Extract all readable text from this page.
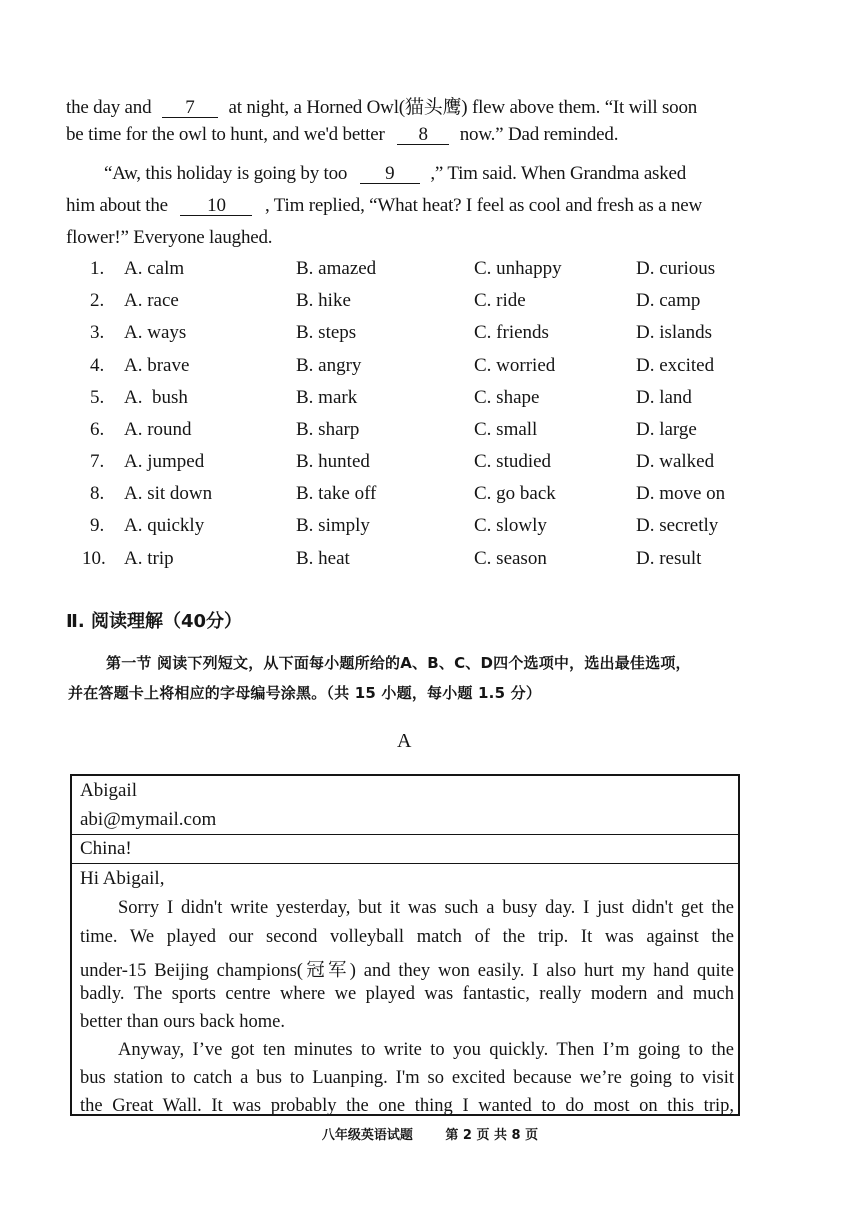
the day and 7 at night, a Horned Owl(猫头鹰) flew above them. “It will soon
be time for the owl to hunt, and we'd better 8 now.” Dad reminded.
“Aw, this holiday is going by too 9 ,” Tim said. When Grandma asked
him about the 10 , Tim replied, “What heat? I feel as cool and fresh as a new
flower!” Everyone laughed.
1. A. calm	B. amazed	C. unhappy	D. curious
2. A. race	B. hike	C. ride	D. camp
3. A. ways	B. steps	C. friends	D. islands
4. A. brave	B. angry	C. worried	D. excited
5. A.  bush	B. mark	C. shape	D. land
6. A. round	B. sharp	C. small	D. large
7. A. jumped	B. hunted	C. studied	D. walked
8. A. sit down	B. take off	C. go back	D. move on
9. A. quickly	B. simply	C. slowly	D. secretly
10. A. trip	B. heat	C. season	D. result
Ⅱ. 阅读理解（40分）
第一节 阅读下列短文，从下面每小题所给的A、B、C、D四个选项中，选出最佳选项，
并在答题卡上将相应的字母编号涂黑。（共 15 小题，每小题 1.5 分）
A
Abigail
abi@mymail.com
China!
Hi Abigail,
Sorry I didn't write yesterday, but it was such a busy day. I just didn't get the
time. We played our second volleyball match of the trip. It was against the
under-15 Beijing champions(冠军) and they won easily. I also hurt my hand quite
badly. The sports centre where we played was fantastic, really modern and much
better than ours back home.
Anyway, I’ve got ten minutes to write to you quickly. Then I’m going to the
bus station to catch a bus to Luanping. I'm so excited because we’re going to visit
the Great Wall. It was probably the one thing I wanted to do most on this trip,
八年级英语试题	第 2 页 共 8 页
